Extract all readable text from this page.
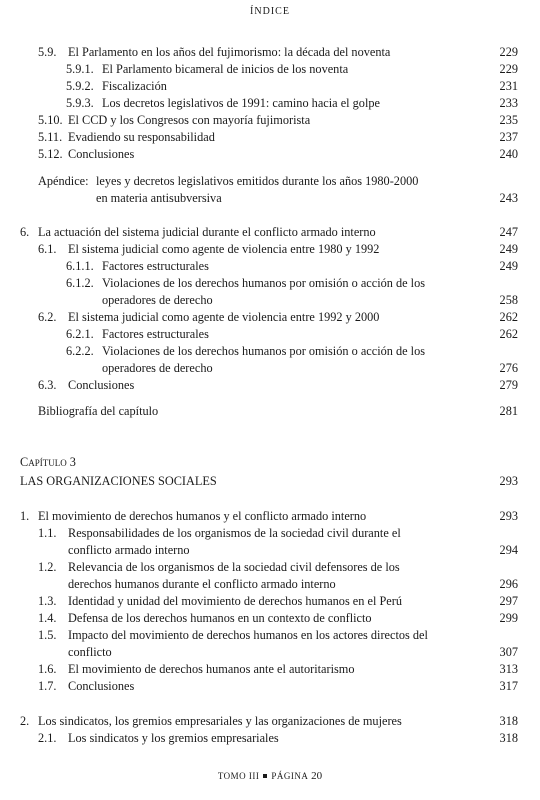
ÍNDICE
5.9. El Parlamento en los años del fujimorismo: la década del noventa	229
5.9.1. El Parlamento bicameral de inicios de los noventa	229
5.9.2. Fiscalización	231
5.9.3. Los decretos legislativos de 1991: camino hacia el golpe	233
5.10. El CCD y los Congresos con mayoría fujimorista	235
5.11. Evadiendo su responsabilidad	237
5.12. Conclusiones	240
Apéndice: leyes y decretos legislativos emitidos durante los años 1980-2000
en materia antisubversiva	243
6. La actuación del sistema judicial durante el conflicto armado interno	247
6.1. El sistema judicial como agente de violencia entre 1980 y 1992	249
6.1.1. Factores estructurales	249
6.1.2. Violaciones de los derechos humanos por omisión o acción de los
operadores de derecho	258
6.2. El sistema judicial como agente de violencia entre 1992 y 2000	262
6.2.1. Factores estructurales	262
6.2.2. Violaciones de los derechos humanos por omisión o acción de los
operadores de derecho	276
6.3. Conclusiones	279
Bibliografía del capítulo	281
Capítulo 3
LAS ORGANIZACIONES SOCIALES	293
1. El movimiento de derechos humanos y el conflicto armado interno	293
1.1. Responsabilidades de los organismos de la sociedad civil durante el
conflicto armado interno	294
1.2. Relevancia de los organismos de la sociedad civil defensores de los
derechos humanos durante el conflicto armado interno	296
1.3. Identidad y unidad del movimiento de derechos humanos en el Perú	297
1.4. Defensa de los derechos humanos en un contexto de conflicto	299
1.5. Impacto del movimiento de derechos humanos en los actores directos del
conflicto	307
1.6. El movimiento de derechos humanos ante el autoritarismo	313
1.7. Conclusiones	317
2. Los sindicatos, los gremios empresariales y las organizaciones de mujeres	318
2.1. Los sindicatos y los gremios empresariales	318
TOMO III PÁGINA 20
